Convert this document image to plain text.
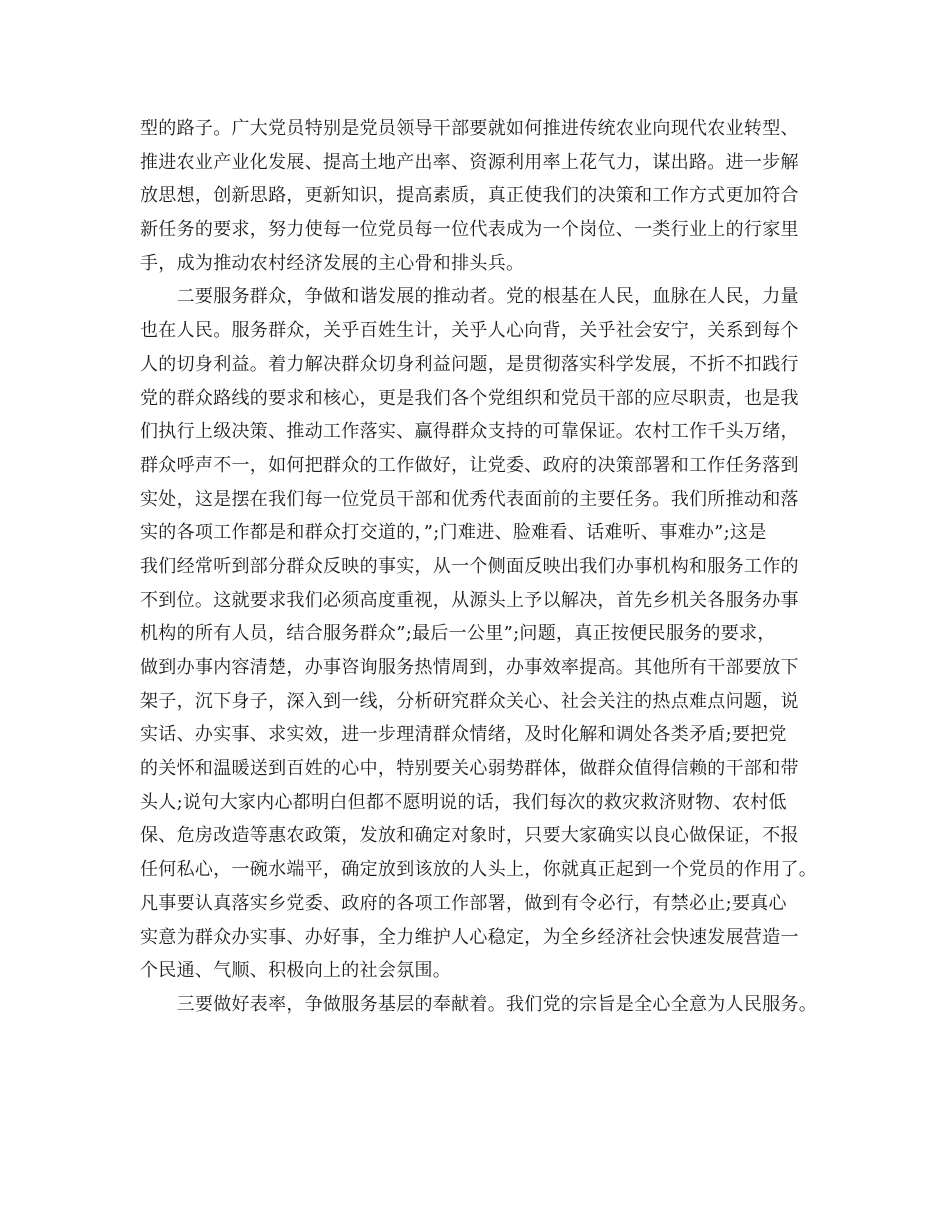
型的路子。广大党员特别是党员领导干部要就如何推进传统农业向现代农业转型、
推进农业产业化发展、提高土地产出率、资源利用率上花气力，谋出路。进一步解
放思想，创新思路，更新知识，提高素质，真正使我们的决策和工作方式更加符合
新任务的要求，努力使每一位党员每一位代表成为一个岗位、一类行业上的行家里
手，成为推动农村经济发展的主心骨和排头兵。
　　二要服务群众，争做和谐发展的推动者。党的根基在人民，血脉在人民，力量
也在人民。服务群众，关乎百姓生计，关乎人心向背，关乎社会安宁，关系到每个
人的切身利益。着力解决群众切身利益问题，是贯彻落实科学发展，不折不扣践行
党的群众路线的要求和核心，更是我们各个党组织和党员干部的应尽职责，也是我
们执行上级决策、推动工作落实、赢得群众支持的可靠保证。农村工作千头万绪，
群众呼声不一，如何把群众的工作做好，让党委、政府的决策部署和工作任务落到
实处，这是摆在我们每一位党员干部和优秀代表面前的主要任务。我们所推动和落
实的各项工作都是和群众打交道的，”;门难进、脸难看、话难听、事难办”;这是
我们经常听到部分群众反映的事实，从一个侧面反映出我们办事机构和服务工作的
不到位。这就要求我们必须高度重视，从源头上予以解决，首先乡机关各服务办事
机构的所有人员，结合服务群众”;最后一公里”;问题，真正按便民服务的要求，
做到办事内容清楚，办事咨询服务热情周到，办事效率提高。其他所有干部要放下
架子，沉下身子，深入到一线，分析研究群众关心、社会关注的热点难点问题，说
实话、办实事、求实效，进一步理清群众情绪，及时化解和调处各类矛盾;要把党
的关怀和温暖送到百姓的心中，特别要关心弱势群体，做群众值得信赖的干部和带
头人;说句大家内心都明白但都不愿明说的话，我们每次的救灾救济财物、农村低
保、危房改造等惠农政策，发放和确定对象时，只要大家确实以良心做保证，不报
任何私心，一碗水端平，确定放到该放的人头上，你就真正起到一个党员的作用了。
凡事要认真落实乡党委、政府的各项工作部署，做到有令必行，有禁必止;要真心
实意为群众办实事、办好事，全力维护人心稳定，为全乡经济社会快速发展营造一
个民通、气顺、积极向上的社会氛围。
　　三要做好表率，争做服务基层的奉献着。我们党的宗旨是全心全意为人民服务。
